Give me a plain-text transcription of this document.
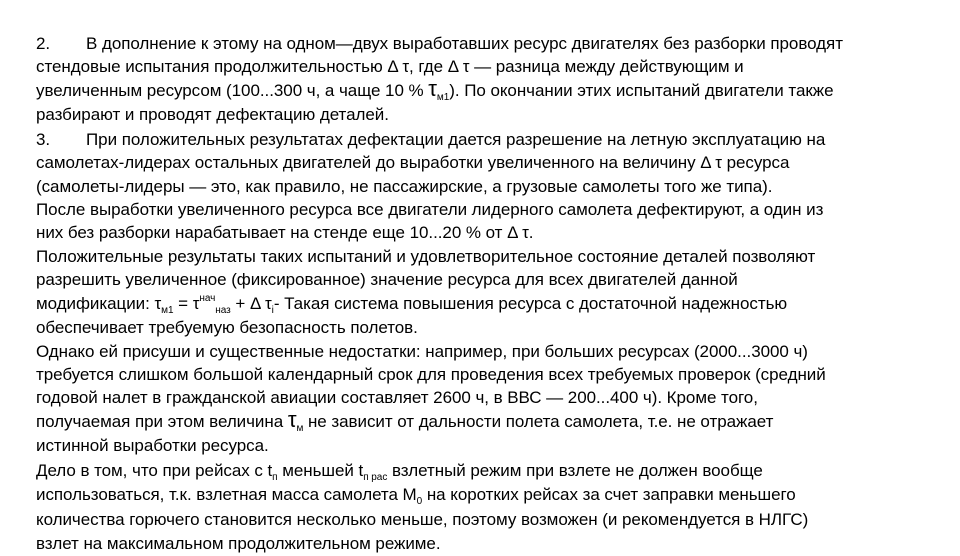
2. В дополнение к этому на одном—двух выработавших ресурс двигателях без разборки проводят
стендовые испытания продолжительностью Δ τ, где Δ τ — разница между действующим и
увеличенным ресурсом (100...300 ч, а чаще 10 % $\tau_{м1}$). По окончании этих испытаний двигатели также
разбирают и проводят дефектацию деталей.
3. При положительных результатах дефектации дается разрешение на летную эксплуатацию на
самолетах-лидерах остальных двигателей до выработки увеличенного на величину Δ τ ресурса
(самолеты-лидеры — это, как правило, не пассажирские, а грузовые самолеты того же типа).
После выработки увеличенного ресурса все двигатели лидерного самолета дефектируют, а один из
них без разборки нарабатывает на стенде еще 10...20 % от Δ τ.
Положительные результаты таких испытаний и удовлетворительное состояние деталей позволяют
разрешить увеличенное (фиксированное) значение ресурса для всех двигателей данной
модификации: $\tau_{м1} = \tau^{нач}_{наз} + \Delta$ $\tau_i-$ Такая система повышения ресурса с достаточной надежностью
обеспечивает требуемую безопасность полетов.
Однако ей присуши и существенные недостатки: например, при больших ресурсах (2000...3000 ч)
требуется слишком большой календарный срок для проведения всех требуемых проверок (средний
годовой налет в гражданской авиации составляет 2600 ч, в ВВС — 200...400 ч). Кроме того,
получаемая при этом величина $\tau_м$ не зависит от дальности полета самолета, т.е. не отражает
истинной выработки ресурса.
Дело в том, что при рейсах с $t_п$ меньшей $t_{п рас}$ взлетный режим при взлете не должен вообще
использоваться, т.к. взлетная масса самолета $М_0$ на коротких рейсах за счет заправки меньшего
количества горючего становится несколько меньше, поэтому возможен (и рекомендуется в НЛГС)
взлет на максимальном продолжительном режиме.
